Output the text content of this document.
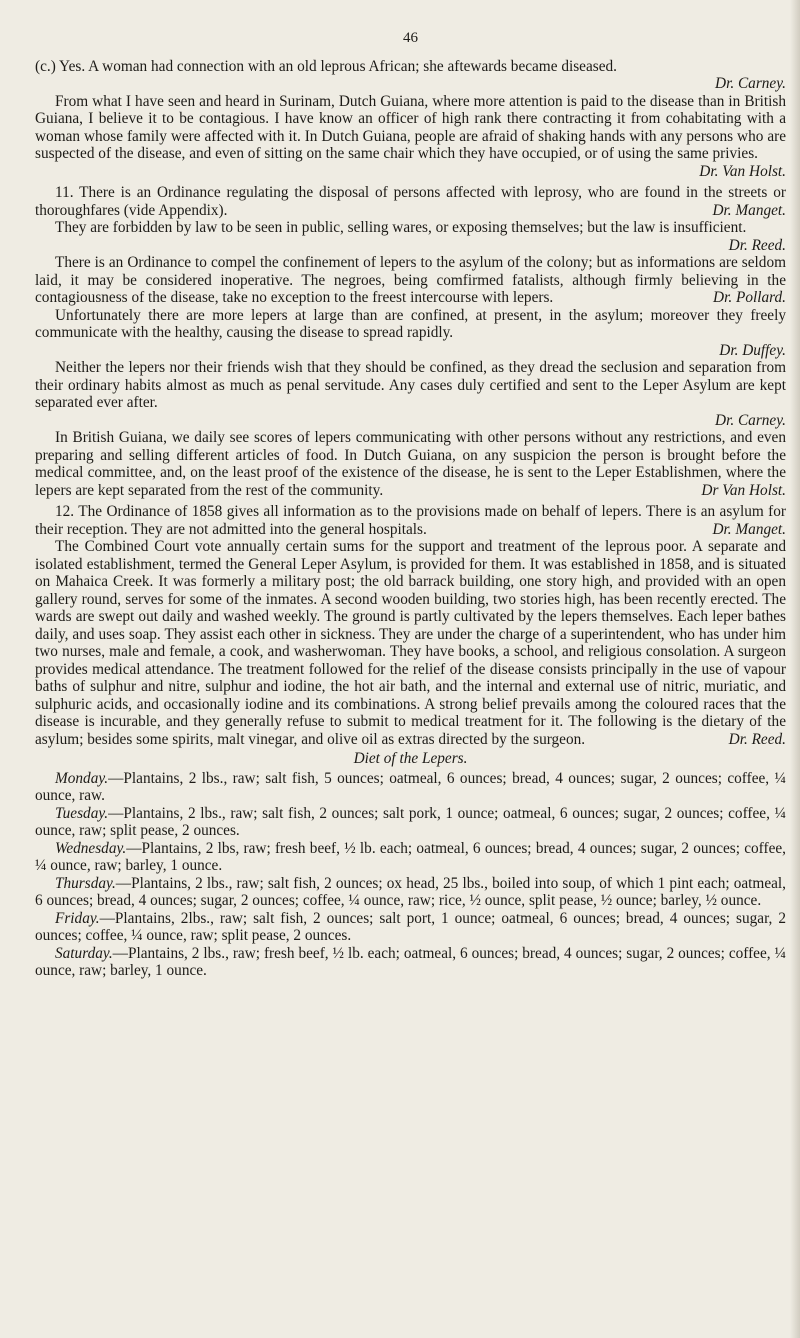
46

(c.) Yes. A woman had connection with an old leprous African; she aftewards became diseased.

Dr. Carney.

From what I have seen and heard in Surinam, Dutch Guiana, where more attention is paid to the disease than in British Guiana, I believe it to be contagious. I have know an officer of high rank there contracting it from cohabitating with a woman whose family were affected with it. In Dutch Guiana, people are afraid of shaking hands with any persons who are suspected of the disease, and even of sitting on the same chair which they have occupied, or of using the same privies.
Dr. Van Holst.

11. There is an Ordinance regulating the disposal of persons affected with leprosy, who are found in the streets or thoroughfares (vide Appendix).	Dr. Manget.

They are forbidden by law to be seen in public, selling wares, or exposing themselves; but the law is insufficient.
Dr. Reed.

There is an Ordinance to compel the confinement of lepers to the asylum of the colony; but as informations are seldom laid, it may be considered inoperative. The negroes, being comfirmed fatalists, although firmly believing in the contagiousness of the disease, take no exception to the freest intercourse with lepers.	Dr. Pollard.

Unfortunately there are more lepers at large than are confined, at present, in the asylum; moreover they freely communicate with the healthy, causing the disease to spread rapidly.

Dr. Duffey.

Neither the lepers nor their friends wish that they should be confined, as they dread the seclusion and separation from their ordinary habits almost as much as penal servitude. Any cases duly certified and sent to the Leper Asylum are kept separated ever after.

Dr. Carney.

In British Guiana, we daily see scores of lepers communicating with other persons without any restrictions, and even preparing and selling different articles of food. In Dutch Guiana, on any suspicion the person is brought before the medical committee, and, on the least proof of the existence of the disease, he is sent to the Leper Establishmen, where the lepers are kept separated from the rest of the community.	Dr Van Holst.

12. The Ordinance of 1858 gives all information as to the provisions made on behalf of lepers. There is an asylum for their reception. They are not admitted into the general hospitals.	Dr. Manget.

The Combined Court vote annually certain sums for the support and treatment of the leprous poor. A separate and isolated establishment, termed the General Leper Asylum, is provided for them. It was established in 1858, and is situated on Mahaica Creek. It was formerly a military post; the old barrack building, one story high, and provided with an open gallery round, serves for some of the inmates. A second wooden building, two stories high, has been recently erected. The wards are swept out daily and washed weekly. The ground is partly cultivated by the lepers themselves. Each leper bathes daily, and uses soap. They assist each other in sickness. They are under the charge of a superintendent, who has under him two nurses, male and female, a cook, and washerwoman. They have books, a school, and religious consolation. A surgeon provides medical attendance. The treatment followed for the relief of the disease consists principally in the use of vapour baths of sulphur and nitre, sulphur and iodine, the hot air bath, and the internal and external use of nitric, muriatic, and sulphuric acids, and occasionally iodine and its combinations. A strong belief prevails among the coloured races that the disease is incurable, and they generally refuse to submit to medical treatment for it. The following is the dietary of the asylum; besides some spirits, malt vinegar, and olive oil as extras directed by the surgeon.	Dr. Reed.

Diet of the Lepers.

Monday.—Plantains, 2 lbs., raw; salt fish, 5 ounces; oatmeal, 6 ounces; bread, 4 ounces; sugar, 2 ounces; coffee, ¼ ounce, raw.

Tuesday.—Plantains, 2 lbs., raw; salt fish, 2 ounces; salt pork, 1 ounce; oatmeal, 6 ounces; sugar, 2 ounces; coffee, ¼ ounce, raw; split pease, 2 ounces.

Wednesday.—Plantains, 2 lbs, raw; fresh beef, ½ lb. each; oatmeal, 6 ounces; bread, 4 ounces; sugar, 2 ounces; coffee, ¼ ounce, raw; barley, 1 ounce.

Thursday.—Plantains, 2 lbs., raw; salt fish, 2 ounces; ox head, 25 lbs., boiled into soup, of which 1 pint each; oatmeal, 6 ounces; bread, 4 ounces; sugar, 2 ounces; coffee, ¼ ounce, raw; rice, ½ ounce, split pease, ½ ounce; barley, ½ ounce.

Friday.—Plantains, 2lbs., raw; salt fish, 2 ounces; salt port, 1 ounce; oatmeal, 6 ounces; bread, 4 ounces; sugar, 2 ounces; coffee, ¼ ounce, raw; split pease, 2 ounces.

Saturday.—Plantains, 2 lbs., raw; fresh beef, ½ lb. each; oatmeal, 6 ounces; bread, 4 ounces; sugar, 2 ounces; coffee, ¼ ounce, raw; barley, 1 ounce.
